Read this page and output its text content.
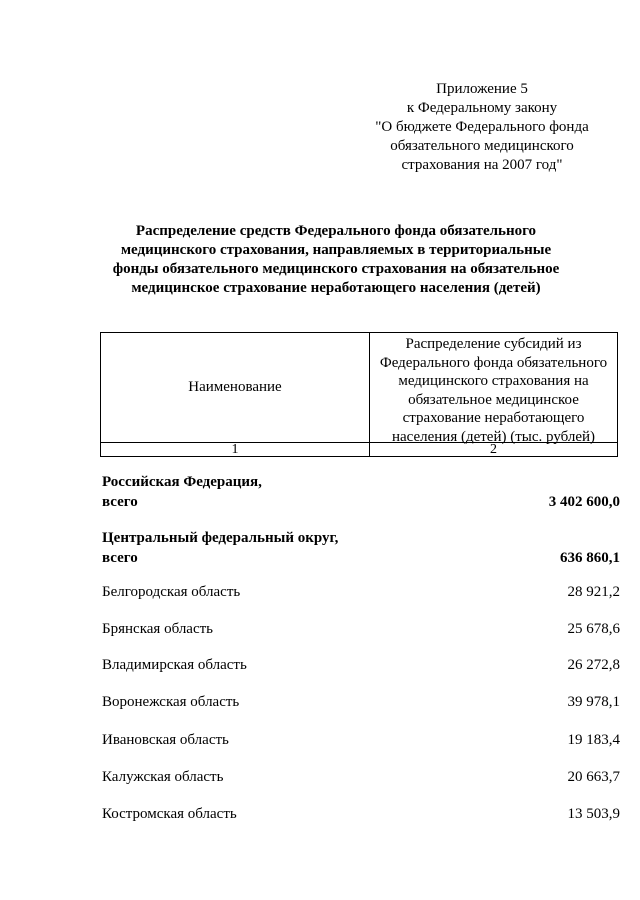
Приложение 5
к Федеральному закону
"О бюджете Федерального фонда
обязательного медицинского
страхования на 2007 год"
Распределение средств Федерального фонда обязательного
медицинского страхования, направляемых в территориальные
фонды обязательного медицинского страхования на обязательное
медицинское страхование неработающего населения (детей)
Наименование
Распределение субсидий из
Федерального фонда обязательного
медицинского страхования на
обязательное медицинское
страхование неработающего
населения (детей) (тыс. рублей)
1	2
Российская Федерация,
всего	3 402 600,0
Центральный федеральный округ,
всего	636 860,1
Белгородская область	28 921,2
Брянская область	25 678,6
Владимирская область	26 272,8
Воронежская область	39 978,1
Ивановская область	19 183,4
Калужская область	20 663,7
Костромская область	13 503,9
